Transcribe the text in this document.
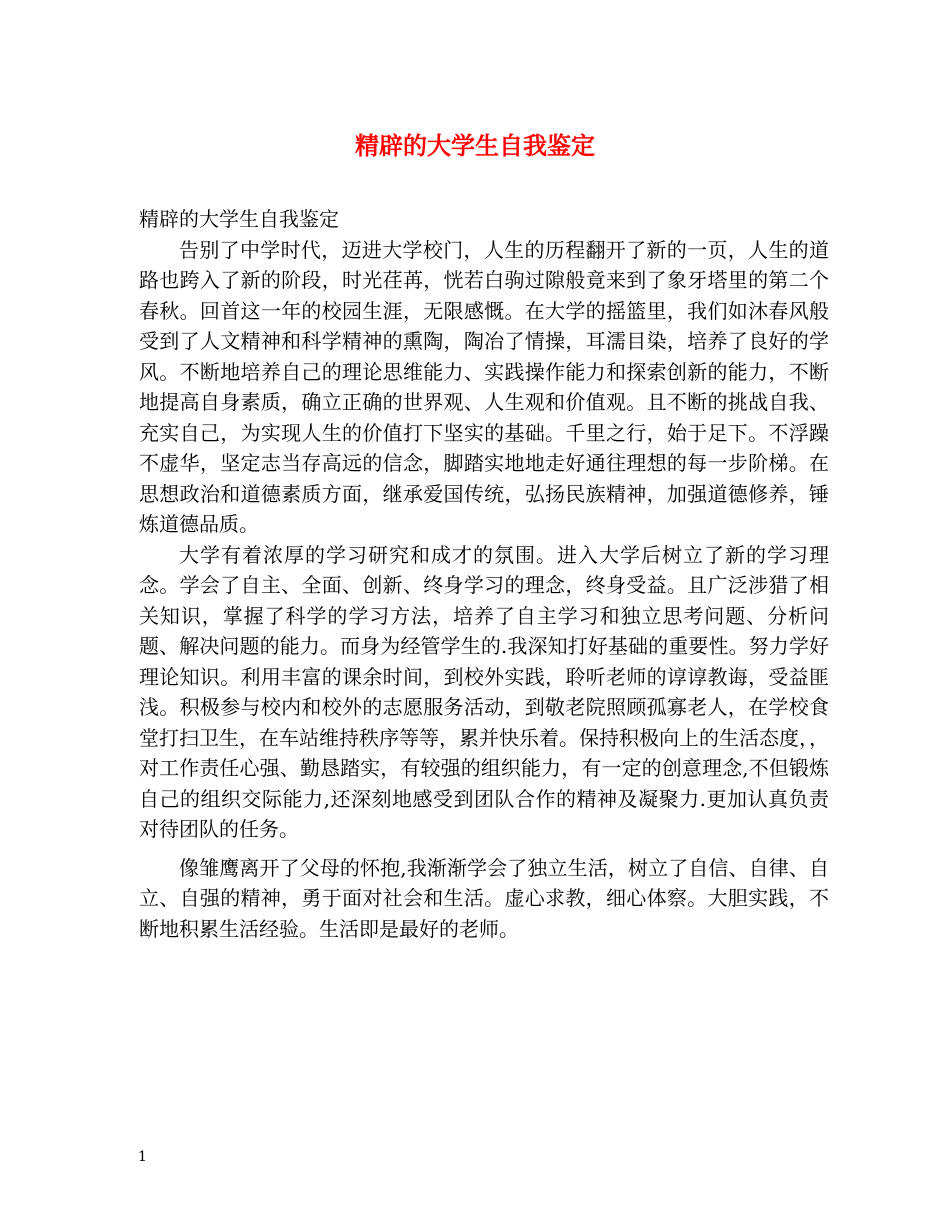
精辟的大学生自我鉴定

精辟的大学生自我鉴定

告别了中学时代，迈进大学校门，人生的历程翻开了新的一页，人生的道路也跨入了新的阶段，时光荏苒，恍若白驹过隙般竟来到了象牙塔里的第二个春秋。回首这一年的校园生涯，无限感慨。在大学的摇篮里，我们如沐春风般受到了人文精神和科学精神的熏陶，陶冶了情操，耳濡目染，培养了良好的学风。不断地培养自己的理论思维能力、实践操作能力和探索创新的能力，不断地提高自身素质，确立正确的世界观、人生观和价值观。且不断的挑战自我、充实自己，为实现人生的价值打下坚实的基础。千里之行，始于足下。不浮躁不虚华，坚定志当存高远的信念，脚踏实地地走好通往理想的每一步阶梯。在思想政治和道德素质方面，继承爱国传统，弘扬民族精神，加强道德修养，锤炼道德品质。

大学有着浓厚的学习研究和成才的氛围。进入大学后树立了新的学习理念。学会了自主、全面、创新、终身学习的理念，终身受益。且广泛涉猎了相关知识，掌握了科学的学习方法，培养了自主学习和独立思考问题、分析问题、解决问题的能力。而身为经管学生的.我深知打好基础的重要性。努力学好理论知识。利用丰富的课余时间，到校外实践，聆听老师的谆谆教诲，受益匪浅。积极参与校内和校外的志愿服务活动，到敬老院照顾孤寡老人，在学校食堂打扫卫生，在车站维持秩序等等，累并快乐着。保持积极向上的生活态度，，对工作责任心强、勤恳踏实，有较强的组织能力，有一定的创意理念,不但锻炼自己的组织交际能力,还深刻地感受到团队合作的精神及凝聚力.更加认真负责对待团队的任务。

像雏鹰离开了父母的怀抱,我渐渐学会了独立生活，树立了自信、自律、自立、自强的精神，勇于面对社会和生活。虚心求教，细心体察。大胆实践，不断地积累生活经验。生活即是最好的老师。

1
